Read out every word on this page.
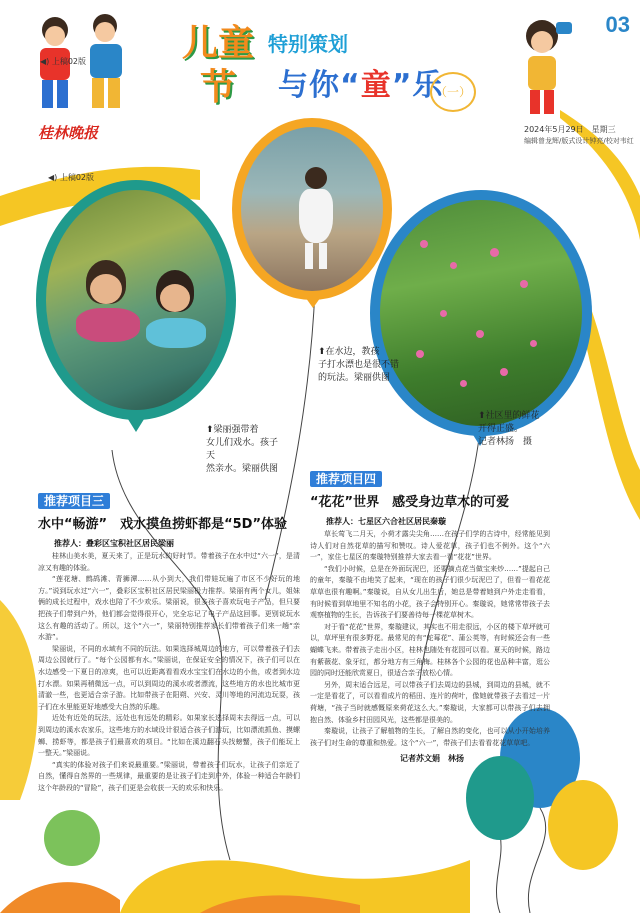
03
◀) 上稿02版	儿童节
特别策划
与你“童”乐
（一）
桂林晚报	2024年5月29日　星期三
编辑曾龙辉/版式设计钟亮/校对韦红
◀) 上稿02版
⬆梁丽强带着
女儿们戏水。孩子天
然亲水。梁丽供图
⬆在水边，教孩
子打水漂也是很不错
的玩法。梁丽供图
⬆社区里的鲜花
开得正盛。
记者林扬　摄
推荐项目三
水中“畅游”　戏水摸鱼捞虾都是“5D”体验
推荐人：叠彩区宝积社区居民梁丽

桂林山美水美，夏天来了，正是玩水的好时节。带着孩子在水中过“六一”，是清凉又有趣的体验。

“莲花塘、鹧鸪滩、青狮潭……从小到大，我们带娃玩遍了市区不少好玩的地方。”说到玩水过“六一”，叠彩区宝积社区居民梁丽极力推荐。梁丽有两个女儿，姐妹俩的成长过程中，戏水也陪了不少欢乐。梁丽说，很多孩子喜欢玩电子产品，但只要把孩子们带到户外，他们都会觉得很开心，完全忘记了电子产品这回事。更别说玩水这么有趣的活动了。所以，这个“六一”，梁丽特别推荐家长们带着孩子们来一趟“亲水游”。

梁丽说，不同的水域有不同的玩法。如果选择城周边的地方，可以带着孩子们去周边公园就行了。“每个公园都有水。”梁丽说，在保证安全的情况下，孩子们可以在水边感受一下夏日的凉爽，也可以近距离看看戏水宝宝们在水边的小鱼，或者到水边打水漂。如果再稍微远一点，可以到周边的溪水或者漂流，这些地方的水也比城市更清澈一些，也更适合亲子游。比如带孩子在阳朔、兴安、灵川等地的河流边玩耍，孩子们在水里能更好地感受大自然的乐趣。

近处有近处的玩法，远处也有远处的精彩。如果家长选择周末去得远一点，可以到周边的溪水农家乐，这些地方的水域设计很适合孩子们游玩，比如漂流抓鱼、摸螺蛳、捞虾等，都是孩子们最喜欢的项目。“比如在溪边翻石头找螃蟹，孩子们能玩上一整天。”梁丽说。

“真实的体验对孩子们来说最重要。”梁丽说，带着孩子们玩水，让孩子们亲近了自然，懂得自然界的一些规律，最重要的是让孩子们走到户外，体验一种适合年龄们这个年龄段的“冒险”，孩子们更是会收获一天的欢乐和快乐。

推荐项目四
“花花”世界　感受身边草木的可爱
推荐人：七星区六合社区居民秦璇

草长莺飞二月天，小荷才露尖尖角……在孩子们学的古诗中，经常能见到诗人们对自然花草的描写和赞叹。诗人爱花草，孩子们也不例外。这个“六一”，家住七星区的秦璇特别推荐大家去看一看“花花”世界。

“我们小时候，总是在外面玩泥巴，还要摘点花当做宝来炒……”提起自己的童年，秦璇不由地笑了起来，“现在的孩子们很少玩泥巴了，但看一看花花草草也很有趣啊。”秦璇说，自从女儿出生后，她总是带着她到户外走走看看，有时候看到草地里不知名的小花，孩子会特别开心。秦璇说，她常常带孩子去观察植物的生长，告诉孩子们要善待每一棵花草树木。

对于看“花花”世界，秦璇建议，其实也不用走很远，小区的楼下草坪就可以，草坪里有很多野花。最常见的有“蛇莓花”、蒲公英等，有时候还会有一些蝴蝶飞来。带着孩子走出小区，桂林也随处有花园可以看。夏天的时候，路边有紫薇花、象牙红，都分地方有三角梅。桂林各个公园的花也品种丰富，逛公园的同时还能欣赏夏日，很适合亲子放松心情。

另外，周末适合远足，可以带孩子们去周边的县城，到周边的县城，就不一定是看花了，可以看看成片的稻田、连片的荷叶，像她就带孩子去看过一片荷塘，“孩子当时就感慨原来荷花这么大。”秦璇说，大家都可以带孩子们去拥抱自然、体验乡村田园风光，这些都是很美的。

秦璇说，让孩子了解植物的生长，了解自然的变化，也可以从小开始培养孩子们对生命的尊重和热爱。这个“六一”，带孩子们去看看花花草草吧。

记者苏文娟　林扬
